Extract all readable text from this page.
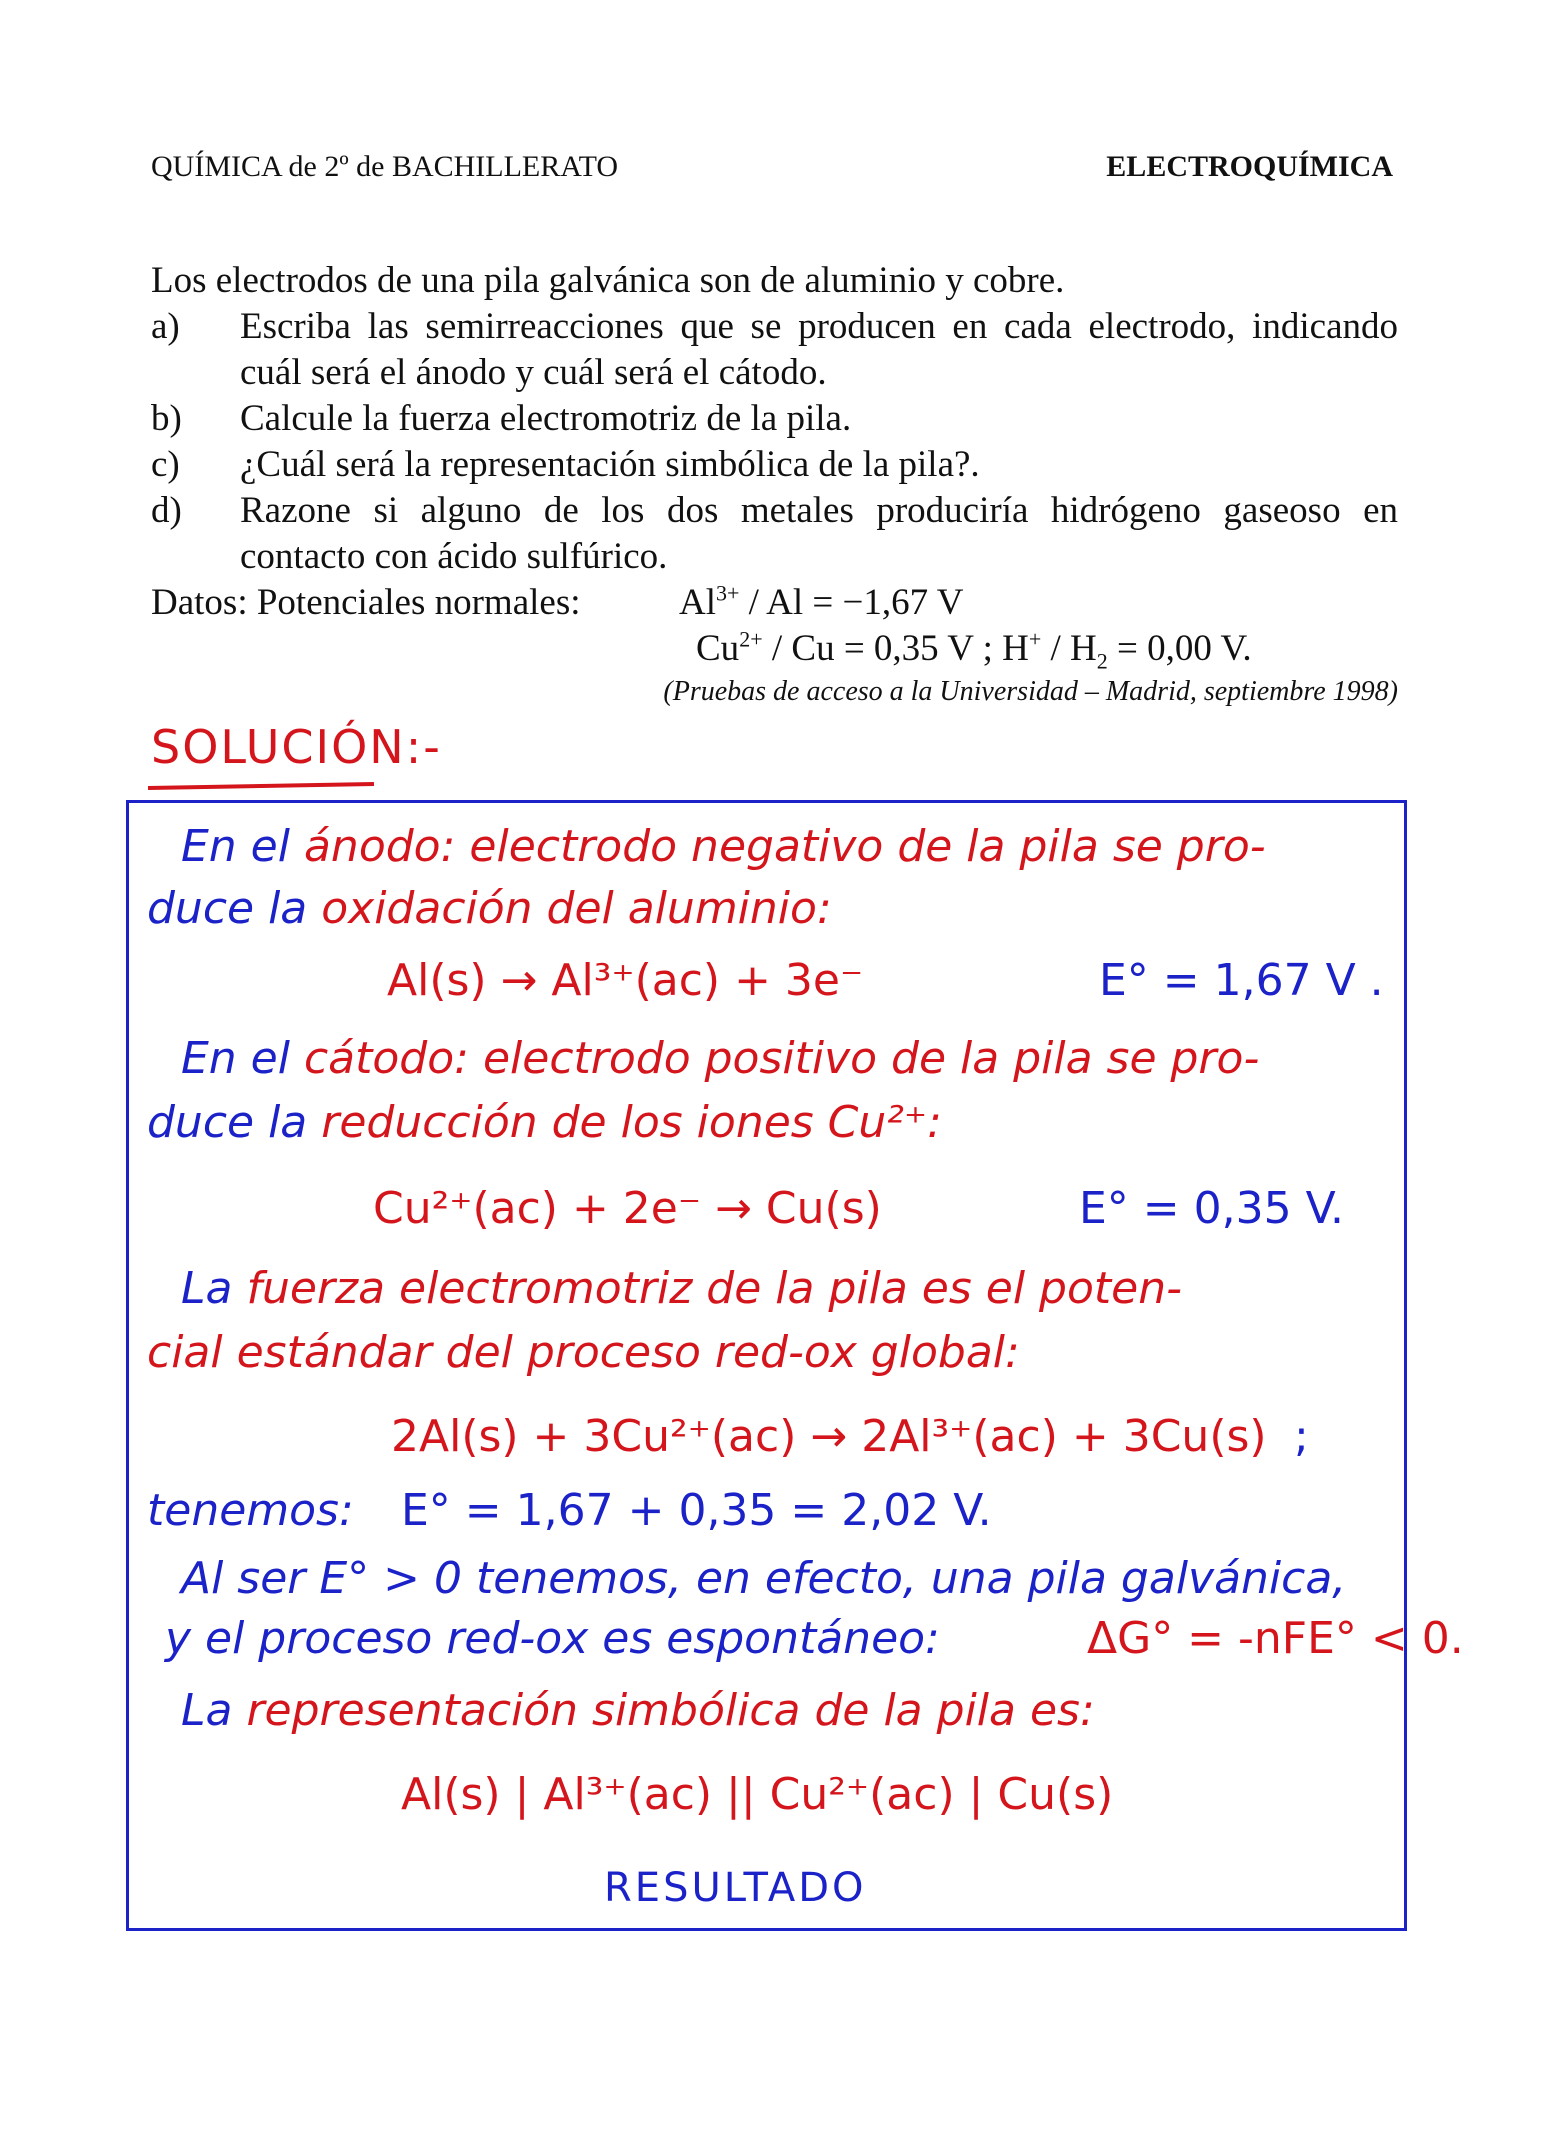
QUÍMICA de 2º de BACHILLERATO	ELECTROQUÍMICA

Los electrodos de una pila galvánica son de aluminio y cobre.

a)	Escriba las semirreacciones que se producen en cada electrodo, indicando cuál será el ánodo y cuál será el cátodo.
b)	Calcule la fuerza electromotriz de la pila.
c)	¿Cuál será la representación simbólica de la pila?.
d)	Razone si alguno de los dos metales produciría hidrógeno gaseoso en contacto con ácido sulfúrico.
Datos: Potenciales normales:	$Al^{3+} / Al = -1,67$ V
$Cu^{2+} / Cu = 0,35$ V ; $H^+ / H_2 = 0,00$ V.
(Pruebas de acceso a la Universidad – Madrid, septiembre 1998)
SOLUCIÓN:-
En el ánodo: electrodo negativo de la pila se pro-
duce la oxidación del aluminio:
Al(s) → Al³⁺(ac) + 3e⁻	E° = 1,67 V .
En el cátodo: electrodo positivo de la pila se pro-
duce la reducción de los iones Cu²⁺:
Cu²⁺(ac) + 2e⁻ → Cu(s)	E° = 0,35 V.
La fuerza electromotriz de la pila es el poten-
cial estándar del proceso red-ox global:
2Al(s) + 3Cu²⁺(ac) → 2Al³⁺(ac) + 3Cu(s) ;
tenemos: E° = 1,67 + 0,35 = 2,02 V.
Al ser E° > 0 tenemos, en efecto, una pila galvánica,
y el proceso red-ox es espontáneo:	ΔG° = -nFE° < 0.
La representación simbólica de la pila es:
Al(s) | Al³⁺(ac) || Cu²⁺(ac) | Cu(s)
RESULTADO
